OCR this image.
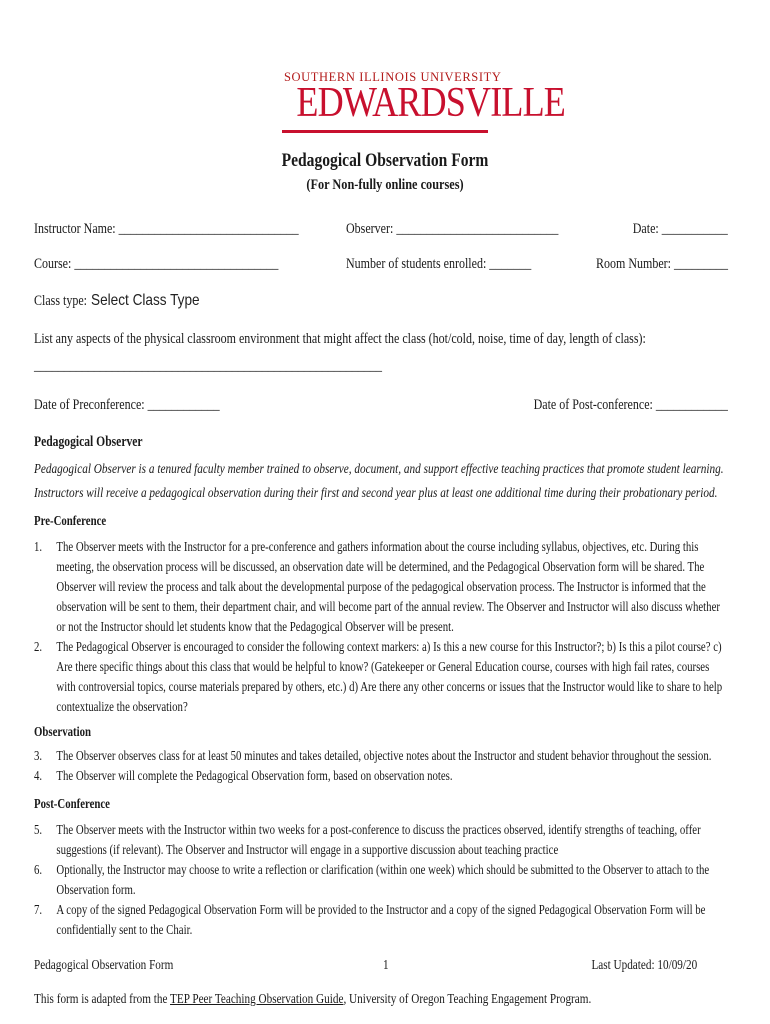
SOUTHERN ILLINOIS UNIVERSITY
EDWARDSVILLE
Pedagogical Observation Form
(For Non-fully online courses)
Instructor Name: ______________________________	Observer: ___________________________	Date: ___________
Course: __________________________________	Number of students enrolled: _______	Room Number: _________
Class type: Select Class Type
List any aspects of the physical classroom environment that might affect the class (hot/cold, noise, time of day, length of class):
__________________________________________________________
Date of Preconference: ____________	Date of Post-conference: ____________
Pedagogical Observer
Pedagogical Observer is a tenured faculty member trained to observe, document, and support effective teaching practices that promote student learning. Instructors will receive a pedagogical observation during their first and second year plus at least one additional time during their probationary period.
Pre-Conference
1. The Observer meets with the Instructor for a pre-conference and gathers information about the course including syllabus, objectives, etc. During this meeting, the observation process will be discussed, an observation date will be determined, and the Pedagogical Observation form will be shared. The Observer will review the process and talk about the developmental purpose of the pedagogical observation process. The Instructor is informed that the observation will be sent to them, their department chair, and will become part of the annual review. The Observer and Instructor will also discuss whether or not the Instructor should let students know that the Pedagogical Observer will be present.
2. The Pedagogical Observer is encouraged to consider the following context markers: a) Is this a new course for this Instructor?; b) Is this a pilot course? c) Are there specific things about this class that would be helpful to know? (Gatekeeper or General Education course, courses with high fail rates, courses with controversial topics, course materials prepared by others, etc.) d) Are there any other concerns or issues that the Instructor would like to share to help contextualize the observation?
Observation
3. The Observer observes class for at least 50 minutes and takes detailed, objective notes about the Instructor and student behavior throughout the session.
4. The Observer will complete the Pedagogical Observation form, based on observation notes.
Post-Conference
5. The Observer meets with the Instructor within two weeks for a post-conference to discuss the practices observed, identify strengths of teaching, offer suggestions (if relevant). The Observer and Instructor will engage in a supportive discussion about teaching practice
6. Optionally, the Instructor may choose to write a reflection or clarification (within one week) which should be submitted to the Observer to attach to the Observation form.
7. A copy of the signed Pedagogical Observation Form will be provided to the Instructor and a copy of the signed Pedagogical Observation Form will be confidentially sent to the Chair.
Pedagogical Observation Form	1	Last Updated: 10/09/20
This form is adapted from the TEP Peer Teaching Observation Guide, University of Oregon Teaching Engagement Program.
